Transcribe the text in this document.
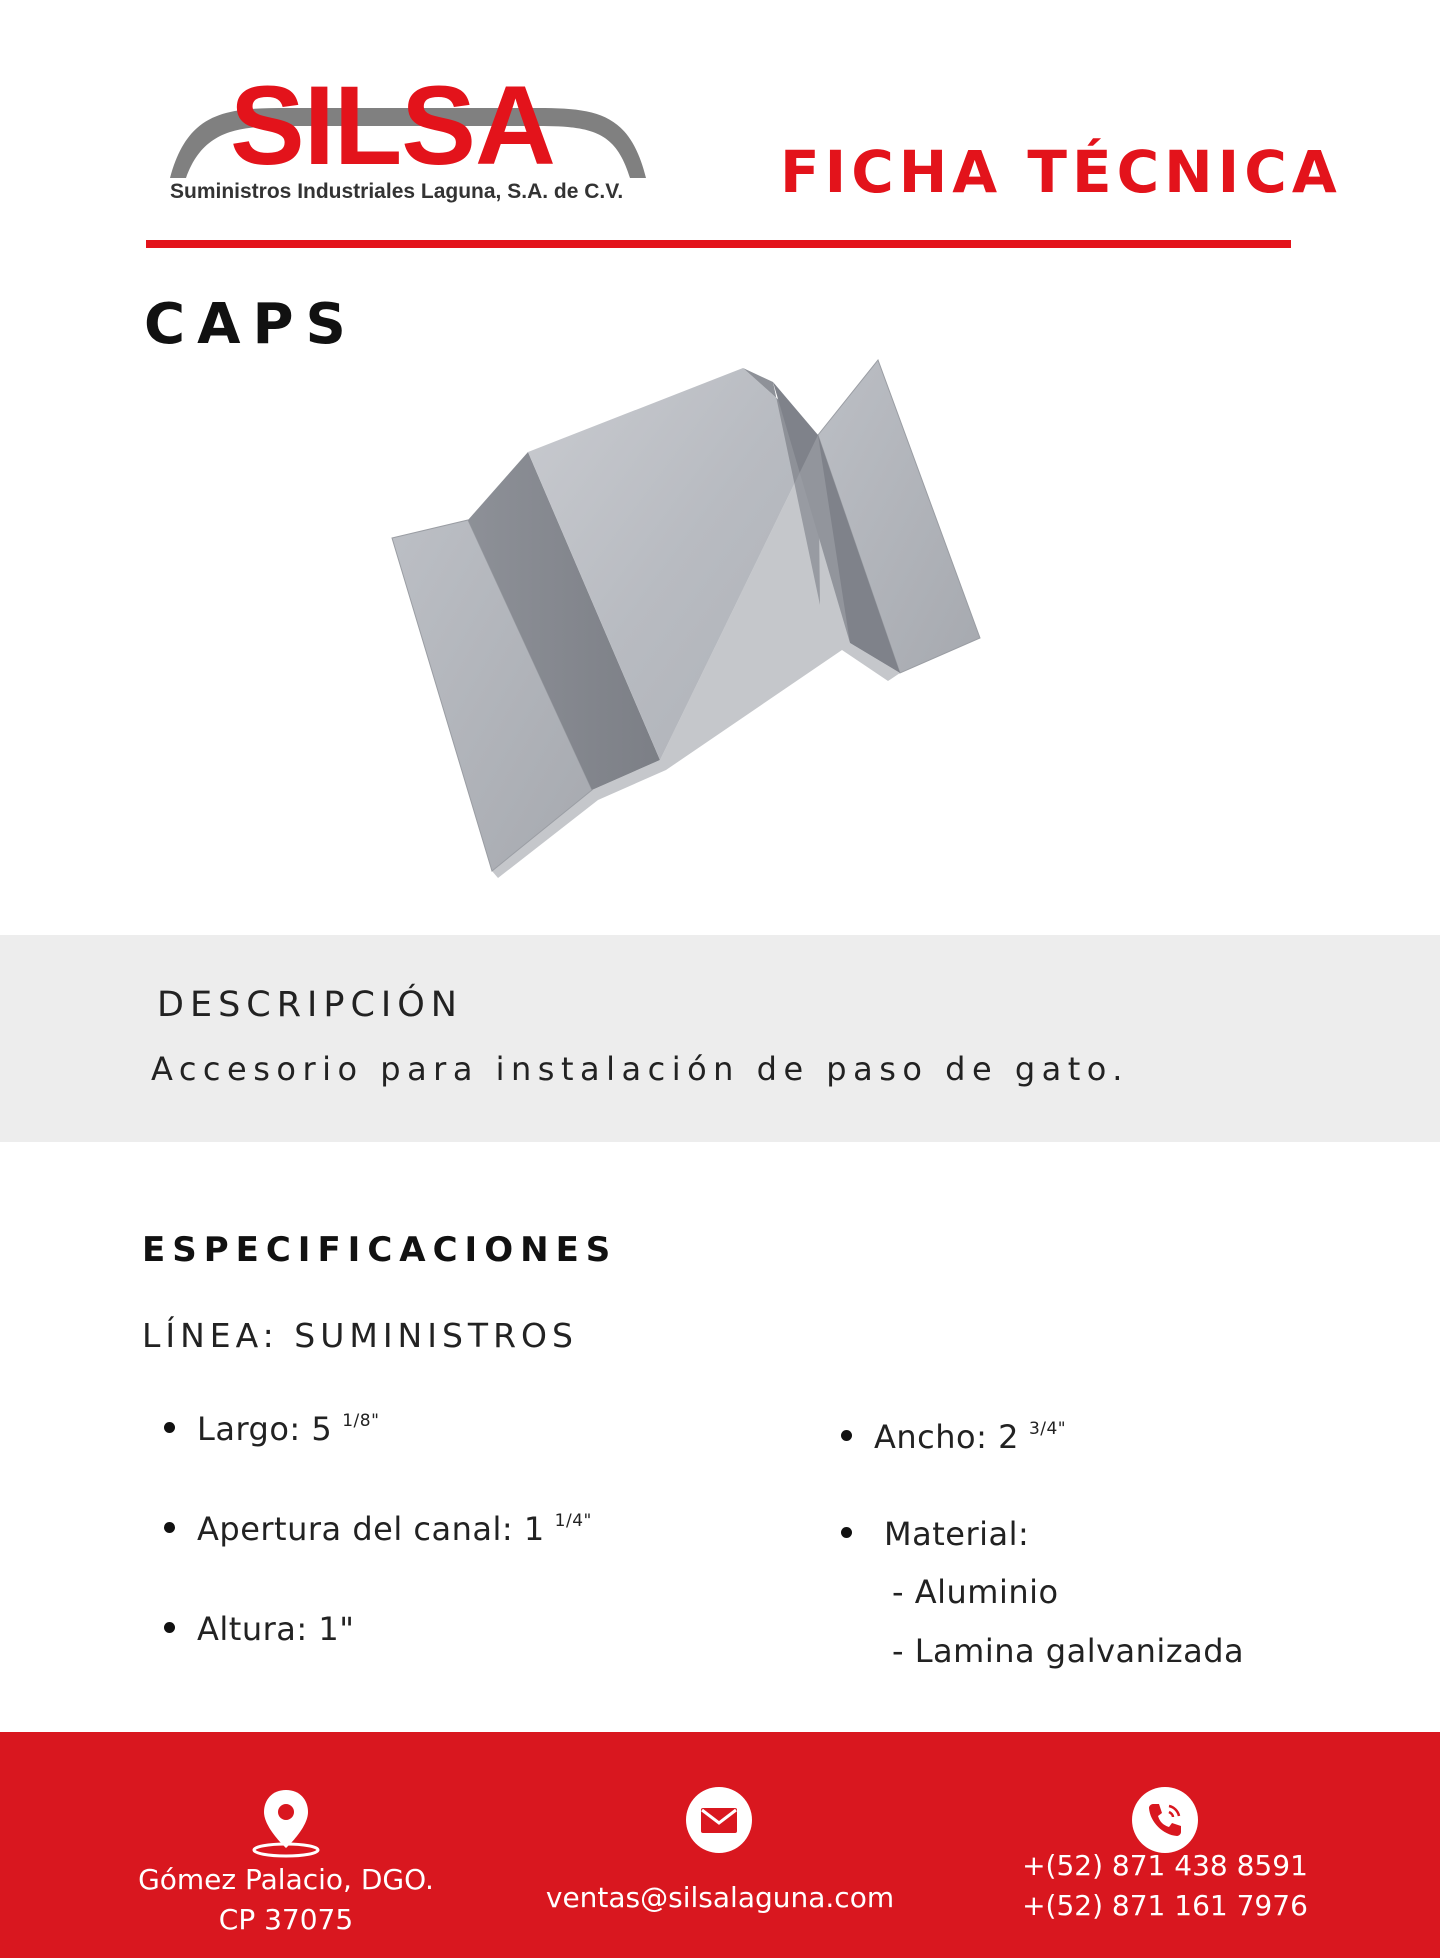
SILSA
Suministros Industriales Laguna, S.A. de C.V.	FICHA TÉCNICA
CAPS
DESCRIPCIÓN
Accesorio para instalación de paso de gato.
ESPECIFICACIONES
LÍNEA: SUMINISTROS
Largo: 5 $^{1/8"}$
Apertura del canal: 1 $^{1/4"}$
Altura: 1"
Ancho: 2 $^{3/4"}$
Material:
- Aluminio
- Lamina galvanizada
Gómez Palacio, DGO.
CP 37075
ventas@silsalaguna.com
+(52) 871 438 8591
+(52) 871 161 7976
